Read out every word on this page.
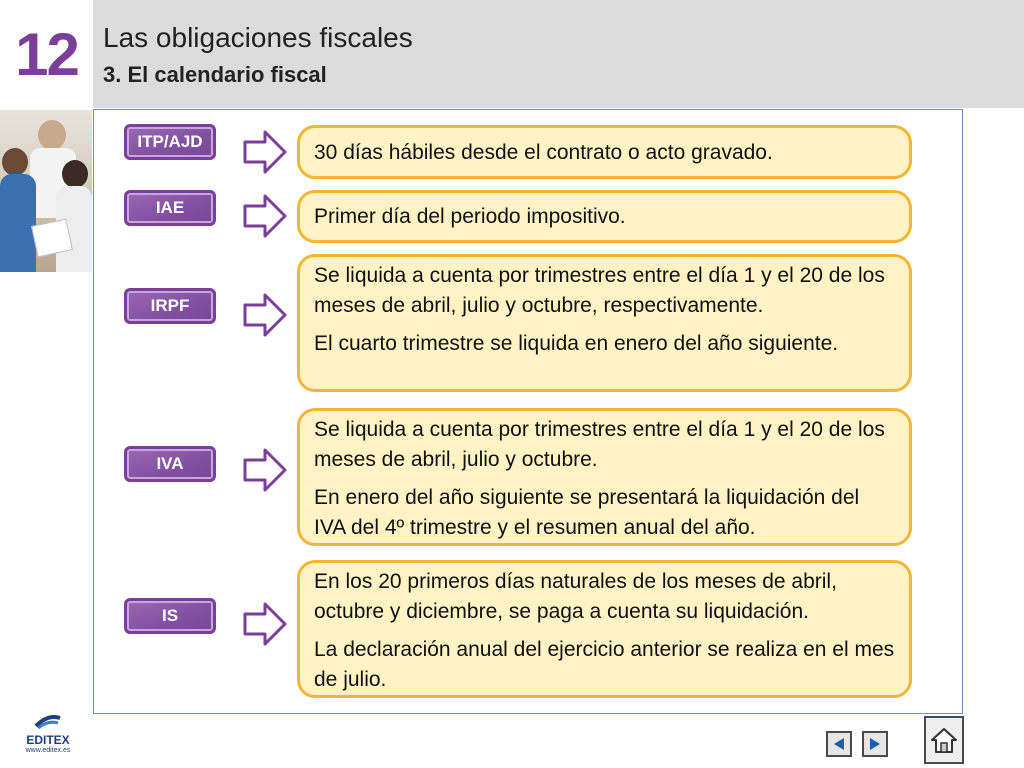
12 Las obligaciones fiscales
3. El calendario fiscal
ITP/AJD	30 días hábiles desde el contrato o acto gravado.

IAE	Primer día del periodo impositivo.

IRPF

Se liquida a cuenta por trimestres entre el día 1 y el 20 de los meses de abril, julio y octubre, respectivamente.

El cuarto trimestre se liquida en enero del año siguiente.

IVA

Se liquida a cuenta por trimestres entre el día 1 y el 20 de los meses de abril, julio y octubre.

En enero del año siguiente se presentará la liquidación del IVA del 4º trimestre y el resumen anual del año.

IS

En los 20 primeros días naturales de los meses de abril, octubre y diciembre, se paga a cuenta su liquidación.

La declaración anual del ejercicio anterior se realiza en el mes de julio.

EDITEX
www.editex.es
